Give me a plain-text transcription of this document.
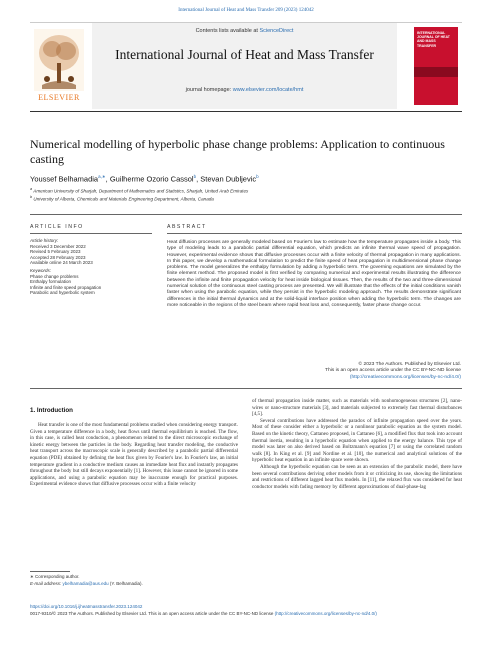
International Journal of Heat and Mass Transfer 209 (2023) 124042
ELSEVIER
Contents lists available at ScienceDirect
International Journal of Heat and Mass Transfer
journal homepage: www.elsevier.com/locate/hmt
INTERNATIONAL JOURNAL OF HEAT AND MASS TRANSFER
Numerical modelling of hyperbolic phase change problems: Application to continuous casting
Youssef Belhamadia$^{a,∗}$, Guilherme Ozorio Cassol$^b$, Stevan Dubljevic$^b$
$^a$ American University of Sharjah, Department of Mathematics and Statistics, Sharjah, United Arab Emirates
$^b$ University of Alberta, Chemicals and Materials Engineering Department, Alberta, Canada
ARTICLE INFO	ABSTRACT
Article history:
Received 3 December 2022
Revised 5 February 2023
Accepted 28 February 2023
Available online 24 March 2023
Keywords:
Phase change problems
Enthalpy formulation
Infinite and finite speed propagation
Parabolic and hyperbolic system
Heat diffusion processes are generally modeled based on Fourier's law to estimate how the temperature propagates inside a body. This type of modeling leads to a parabolic partial differential equation, which predicts an infinite thermal wave speed of propagation. However, experimental evidence shows that diffusive processes occur with a finite velocity of thermal propagation in many applications. In this paper, we develop a mathematical formulation to predict the finite speed of heat propagation in multidimensional phase change problems. The model generalizes the enthalpy formulation by adding a hyperbolic term. The governing equations are simulated by the finite element method. The proposed model is first verified by comparing numerical and experimental results illustrating the difference between the infinite and finite propagation velocity for heat inside biological tissues. Then, the results of the two and three-dimensional numerical solution of the continuous steel casting process are presented. We will illustrate that the effects of the initial conditions vanish faster when using the parabolic equation, while they persist in the hyperbolic modeling approach. The results demonstrate significant differences in the initial thermal dynamics and at the solid-liquid interface position when adding the hyperbolic term. The changes are more noticeable in the regions of the steel beam where rapid heat loss and, consequently, faster phase change occur.
© 2023 The Authors. Published by Elsevier Ltd.
This is an open access article under the CC BY-NC-ND license
(http://creativecommons.org/licenses/by-nc-nd/4.0/)
1. Introduction

Heat transfer is one of the most fundamental problems studied when considering energy transport. Given a temperature difference in a body, heat flows until thermal equilibrium is reached. The flow, in this case, is called heat conduction, a phenomenon related to the direct microscopic exchange of kinetic energy between the particles in the body. Regarding heat transfer modeling, the conductive heat transport across the macroscopic scale is generally described by a parabolic partial differential equation (PDE) obtained by defining the heat flux given by Fourier's law. In Fourier's law, an initial temperature gradient in a conductive medium causes an immediate heat flux and instantly propagates throughout the body but still decays exponentially [1]. However, this issue cannot be ignored in some applications, and using a parabolic equation may be inaccurate enough for practical purposes. Experimental evidence shows that diffusive processes occur with a finite velocity

of thermal propagation inside matter, such as materials with nonhomogeneous structures [2], nano-wires or nano-structure materials [3], and materials subjected to extremely fast thermal disturbances [4,5].

Several contributions have addressed the paradox of infinite propagation speed over the years. Most of these consider either a hyperbolic or a nonlinear parabolic equation as the system model. Based on the kinetic theory, Cattaneo proposed, in Cattaneo [6], a modified flux that took into account thermal inertia, resulting in a hyperbolic equation when applied to the energy balance. This type of model was later on also derived based on Boltzmann's equation [7] or using the correlated random walk [8]. In King et al. [9] and Nordine et al. [10], the numerical and analytical solutions of the hyperbolic heat equation in an infinite space were shown.

Although the hyperbolic equation can be seen as an extension of the parabolic model, there have been several contributions deriving other models from it or criticizing its use, showing the limitations and restrictions of different lagged heat flux models. In [11], the relaxed flux was considered for heat conductor models with fading memory by different approximations of dual-phase-lag

∗ Corresponding author.
E-mail address: ybelhamadia@aus.edu (Y. Belhamadia).
https://doi.org/10.1016/j.ijheatmasstransfer.2023.124042
0017-9310/© 2023 The Authors. Published by Elsevier Ltd. This is an open access article under the CC BY-NC-ND license (http://creativecommons.org/licenses/by-nc-nd/4.0/)
